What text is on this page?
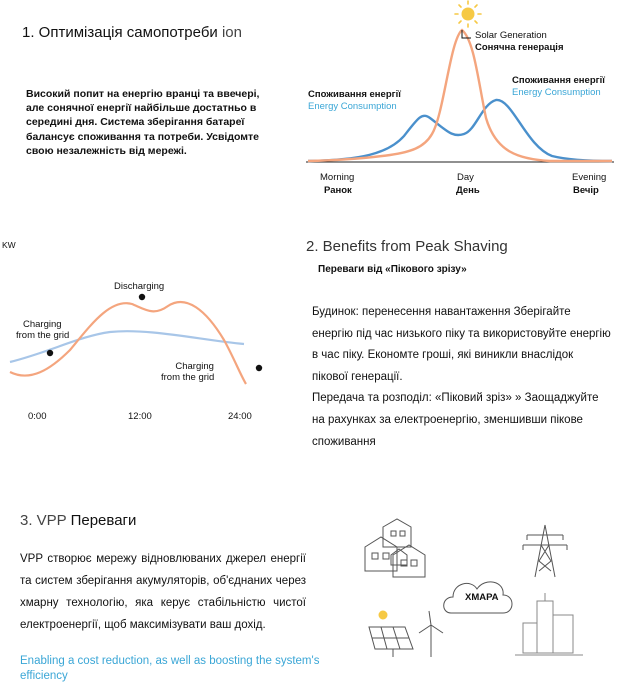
1. Оптимізація самопотреби ion

Високий попит на енергію вранці та ввечері, але сонячної енергії найбільше достатньо в середині дня. Система зберігання батареї балансує споживання та потреби. Усвідомте свою незалежність від мережі.

Solar Generation
Сонячна генерація
Споживання енергії
Energy Consumption
Споживання енергії
Energy Consumption
Morning
Ранок
Day
День
Evening
Вечір
KW
Discharging
Charging
from the grid
Charging
from the grid
0:00	12:00	24:00
2. Benefits from Peak Shaving
Переваги від «Пікового зрізу»

Будинок: перенесення навантаження Зберігайте енергію під час низького піку та використовуйте енергію в час піку. Економте гроші, які виникли внаслідок пікової генерації.

Передача та розподіл: «Піковий зріз» » Заощаджуйте на рахунках за електроенергію, зменшивши пікове споживання

3. VPP Переваги

VPP створює мережу відновлюваних джерел енергії та систем зберігання акумуляторів, об'єднаних через хмарну технологію, яка керує стабільністю чистої електроенергії, щоб максимізувати ваш дохід.

Enabling a cost reduction, as well as boosting the system's efficiency

ХМАРА
